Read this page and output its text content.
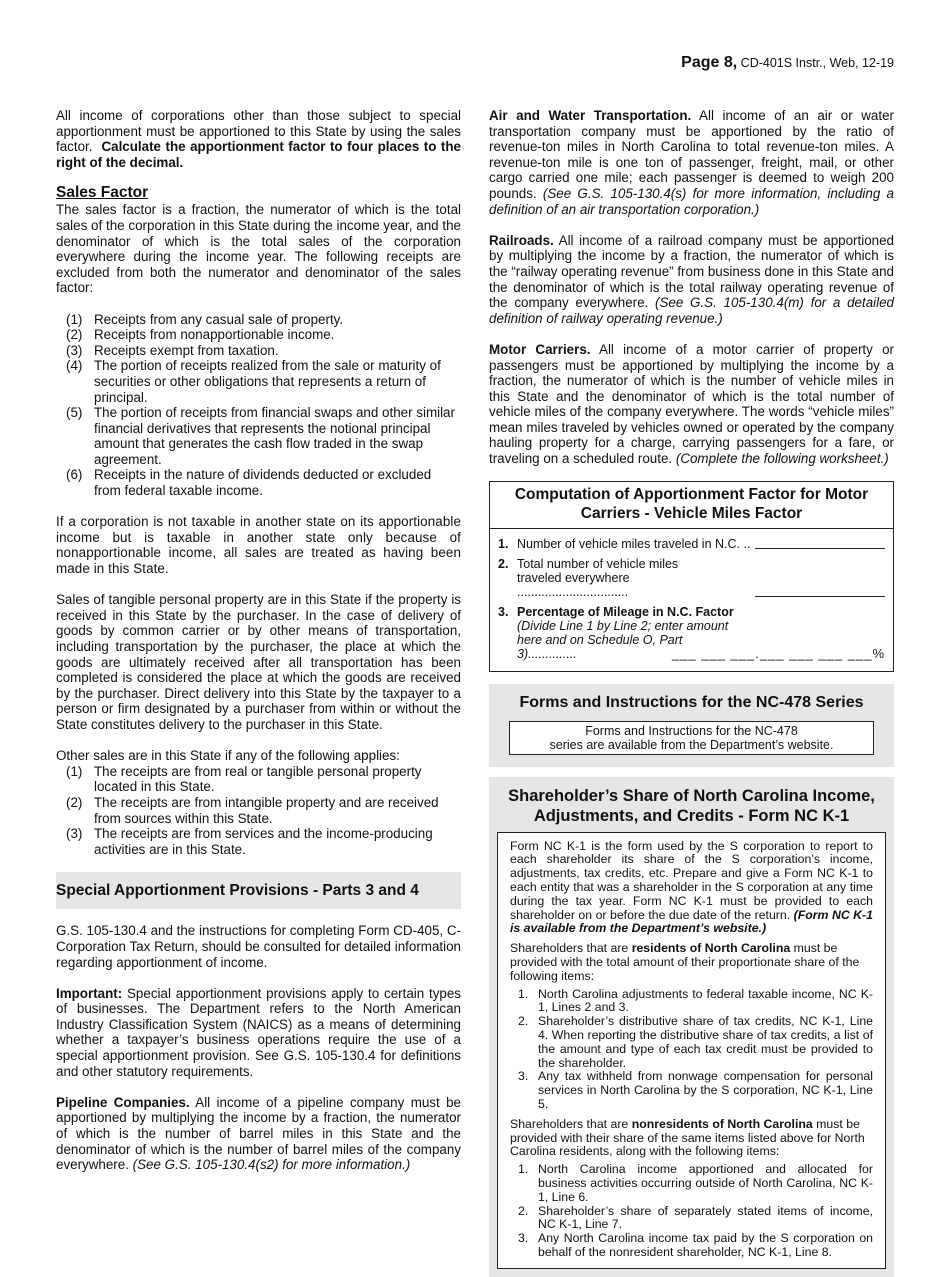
Page 8, CD-401S Instr., Web, 12-19

All income of corporations other than those subject to special apportionment must be apportioned to this State by using the sales factor. Calculate the apportionment factor to four places to the right of the decimal.

Sales Factor

The sales factor is a fraction, the numerator of which is the total sales of the corporation in this State during the income year, and the denominator of which is the total sales of the corporation everywhere during the income year. The following receipts are excluded from both the numerator and denominator of the sales factor:

(1) Receipts from any casual sale of property.
(2) Receipts from nonapportionable income.
(3) Receipts exempt from taxation.
(4) The portion of receipts realized from the sale or maturity of securities or other obligations that represents a return of principal.
(5) The portion of receipts from financial swaps and other similar financial derivatives that represents the notional principal amount that generates the cash flow traded in the swap agreement.
(6) Receipts in the nature of dividends deducted or excluded from federal taxable income.

If a corporation is not taxable in another state on its apportionable income but is taxable in another state only because of nonapportionable income, all sales are treated as having been made in this State.

Sales of tangible personal property are in this State if the property is received in this State by the purchaser. In the case of delivery of goods by common carrier or by other means of transportation, including transportation by the purchaser, the place at which the goods are ultimately received after all transportation has been completed is considered the place at which the goods are received by the purchaser. Direct delivery into this State by the taxpayer to a person or firm designated by a purchaser from within or without the State constitutes delivery to the purchaser in this State.

Other sales are in this State if any of the following applies:

(1) The receipts are from real or tangible personal property located in this State.
(2) The receipts are from intangible property and are received from sources within this State.
(3) The receipts are from services and the income-producing activities are in this State.
Special Apportionment Provisions - Parts 3 and 4

G.S. 105-130.4 and the instructions for completing Form CD-405, C-Corporation Tax Return, should be consulted for detailed information regarding apportionment of income.

Important: Special apportionment provisions apply to certain types of businesses. The Department refers to the North American Industry Classification System (NAICS) as a means of determining whether a taxpayer’s business operations require the use of a special apportionment provision. See G.S. 105-130.4 for definitions and other statutory requirements.

Pipeline Companies. All income of a pipeline company must be apportioned by multiplying the income by a fraction, the numerator of which is the number of barrel miles in this State and the denominator of which is the number of barrel miles of the company everywhere. (See G.S. 105-130.4(s2) for more information.)

Air and Water Transportation. All income of an air or water transportation company must be apportioned by the ratio of revenue-ton miles in North Carolina to total revenue-ton miles. A revenue-ton mile is one ton of passenger, freight, mail, or other cargo carried one mile; each passenger is deemed to weigh 200 pounds. (See G.S. 105-130.4(s) for more information, including a definition of an air transportation corporation.)

Railroads. All income of a railroad company must be apportioned by multiplying the income by a fraction, the numerator of which is the “railway operating revenue” from business done in this State and the denominator of which is the total railway operating revenue of the company everywhere. (See G.S. 105-130.4(m) for a detailed definition of railway operating revenue.)

Motor Carriers. All income of a motor carrier of property or passengers must be apportioned by multiplying the income by a fraction, the numerator of which is the number of vehicle miles in this State and the denominator of which is the total number of vehicle miles of the company everywhere. The words “vehicle miles” mean miles traveled by vehicles owned or operated by the company hauling property for a charge, carrying passengers for a fare, or traveling on a scheduled route. (Complete the following worksheet.)

Computation of Apportionment Factor for Motor Carriers - Vehicle Miles Factor
1. Number of vehicle miles traveled in N.C. ..
2. Total number of vehicle miles
traveled everywhere ................................
3. Percentage of Mileage in N.C. Factor
(Divide Line 1 by Line 2; enter amount
here and on Schedule O, Part 3)..............	___ ___ ___.___ ___ ___ ___%
Forms and Instructions for the NC-478 Series
Forms and Instructions for the NC-478
series are available from the Department’s website.
Shareholder’s Share of North Carolina Income, Adjustments, and Credits - Form NC K-1

Form NC K-1 is the form used by the S corporation to report to each shareholder its share of the S corporation’s income, adjustments, tax credits, etc. Prepare and give a Form NC K-1 to each entity that was a shareholder in the S corporation at any time during the tax year. Form NC K-1 must be provided to each shareholder on or before the due date of the return. (Form NC K-1 is available from the Department’s website.)

Shareholders that are residents of North Carolina must be provided with the total amount of their proportionate share of the following items:

1. North Carolina adjustments to federal taxable income, NC K-1, Lines 2 and 3.
2. Shareholder’s distributive share of tax credits, NC K-1, Line 4. When reporting the distributive share of tax credits, a list of the amount and type of each tax credit must be provided to the shareholder.
3. Any tax withheld from nonwage compensation for personal services in North Carolina by the S corporation, NC K-1, Line 5.

Shareholders that are nonresidents of North Carolina must be provided with their share of the same items listed above for North Carolina residents, along with the following items:

1. North Carolina income apportioned and allocated for business activities occurring outside of North Carolina, NC K-1, Line 6.
2. Shareholder’s share of separately stated items of income, NC K-1, Line 7.
3. Any North Carolina income tax paid by the S corporation on behalf of the nonresident shareholder, NC K-1, Line 8.
